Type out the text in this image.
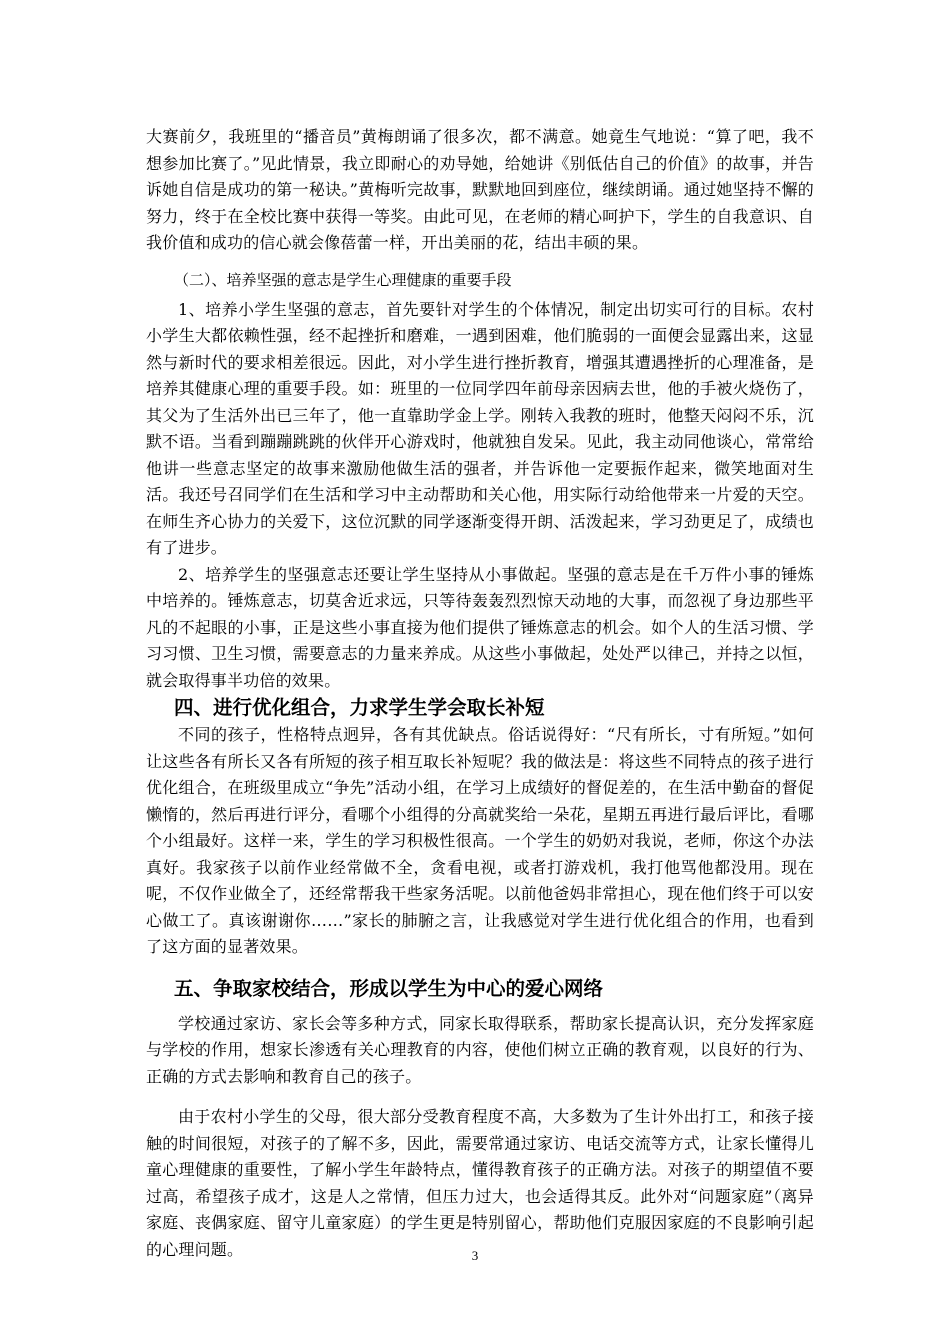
大赛前夕，我班里的“播音员”黄梅朗诵了很多次，都不满意。她竟生气地说：“算了吧，我不想参加比赛了。”见此情景，我立即耐心的劝导她，给她讲《别低估自己的价值》的故事，并告诉她自信是成功的第一秘诀。”黄梅听完故事，默默地回到座位，继续朗诵。通过她坚持不懈的努力，终于在全校比赛中获得一等奖。由此可见，在老师的精心呵护下，学生的自我意识、自我价值和成功的信心就会像蓓蕾一样，开出美丽的花，结出丰硕的果。

（二）、培养坚强的意志是学生心理健康的重要手段

1、培养小学生坚强的意志，首先要针对学生的个体情况，制定出切实可行的目标。农村小学生大都依赖性强，经不起挫折和磨难，一遇到困难，他们脆弱的一面便会显露出来，这显然与新时代的要求相差很远。因此，对小学生进行挫折教育，增强其遭遇挫折的心理准备，是培养其健康心理的重要手段。如：班里的一位同学四年前母亲因病去世，他的手被火烧伤了，其父为了生活外出已三年了，他一直靠助学金上学。刚转入我教的班时，他整天闷闷不乐，沉默不语。当看到蹦蹦跳跳的伙伴开心游戏时，他就独自发呆。见此，我主动同他谈心，常常给他讲一些意志坚定的故事来激励他做生活的强者，并告诉他一定要振作起来，微笑地面对生活。我还号召同学们在生活和学习中主动帮助和关心他，用实际行动给他带来一片爱的天空。在师生齐心协力的关爱下，这位沉默的同学逐渐变得开朗、活泼起来，学习劲更足了，成绩也有了进步。

2、培养学生的坚强意志还要让学生坚持从小事做起。坚强的意志是在千万件小事的锤炼中培养的。锤炼意志，切莫舍近求远，只等待轰轰烈烈惊天动地的大事，而忽视了身边那些平凡的不起眼的小事，正是这些小事直接为他们提供了锤炼意志的机会。如个人的生活习惯、学习习惯、卫生习惯，需要意志的力量来养成。从这些小事做起，处处严以律己，并持之以恒，就会取得事半功倍的效果。

四、进行优化组合，力求学生学会取长补短

不同的孩子，性格特点迥异，各有其优缺点。俗话说得好：“尺有所长，寸有所短。”如何让这些各有所长又各有所短的孩子相互取长补短呢？我的做法是：将这些不同特点的孩子进行优化组合，在班级里成立“争先”活动小组，在学习上成绩好的督促差的，在生活中勤奋的督促懒惰的，然后再进行评分，看哪个小组得的分高就奖给一朵花，星期五再进行最后评比，看哪个小组最好。这样一来，学生的学习积极性很高。一个学生的奶奶对我说，老师，你这个办法真好。我家孩子以前作业经常做不全，贪看电视，或者打游戏机，我打他骂他都没用。现在呢，不仅作业做全了，还经常帮我干些家务活呢。以前他爸妈非常担心，现在他们终于可以安心做工了。真该谢谢你……”家长的肺腑之言，让我感觉对学生进行优化组合的作用，也看到了这方面的显著效果。

五、争取家校结合，形成以学生为中心的爱心网络

学校通过家访、家长会等多种方式，同家长取得联系，帮助家长提高认识，充分发挥家庭与学校的作用，想家长渗透有关心理教育的内容，使他们树立正确的教育观，以良好的行为、正确的方式去影响和教育自己的孩子。

由于农村小学生的父母，很大部分受教育程度不高，大多数为了生计外出打工，和孩子接触的时间很短，对孩子的了解不多，因此，需要常通过家访、电话交流等方式，让家长懂得儿童心理健康的重要性，了解小学生年龄特点，懂得教育孩子的正确方法。对孩子的期望值不要过高，希望孩子成才，这是人之常情，但压力过大，也会适得其反。此外对“问题家庭”（离异家庭、丧偶家庭、留守儿童家庭）的学生更是特别留心，帮助他们克服因家庭的不良影响引起的心理问题。	3
